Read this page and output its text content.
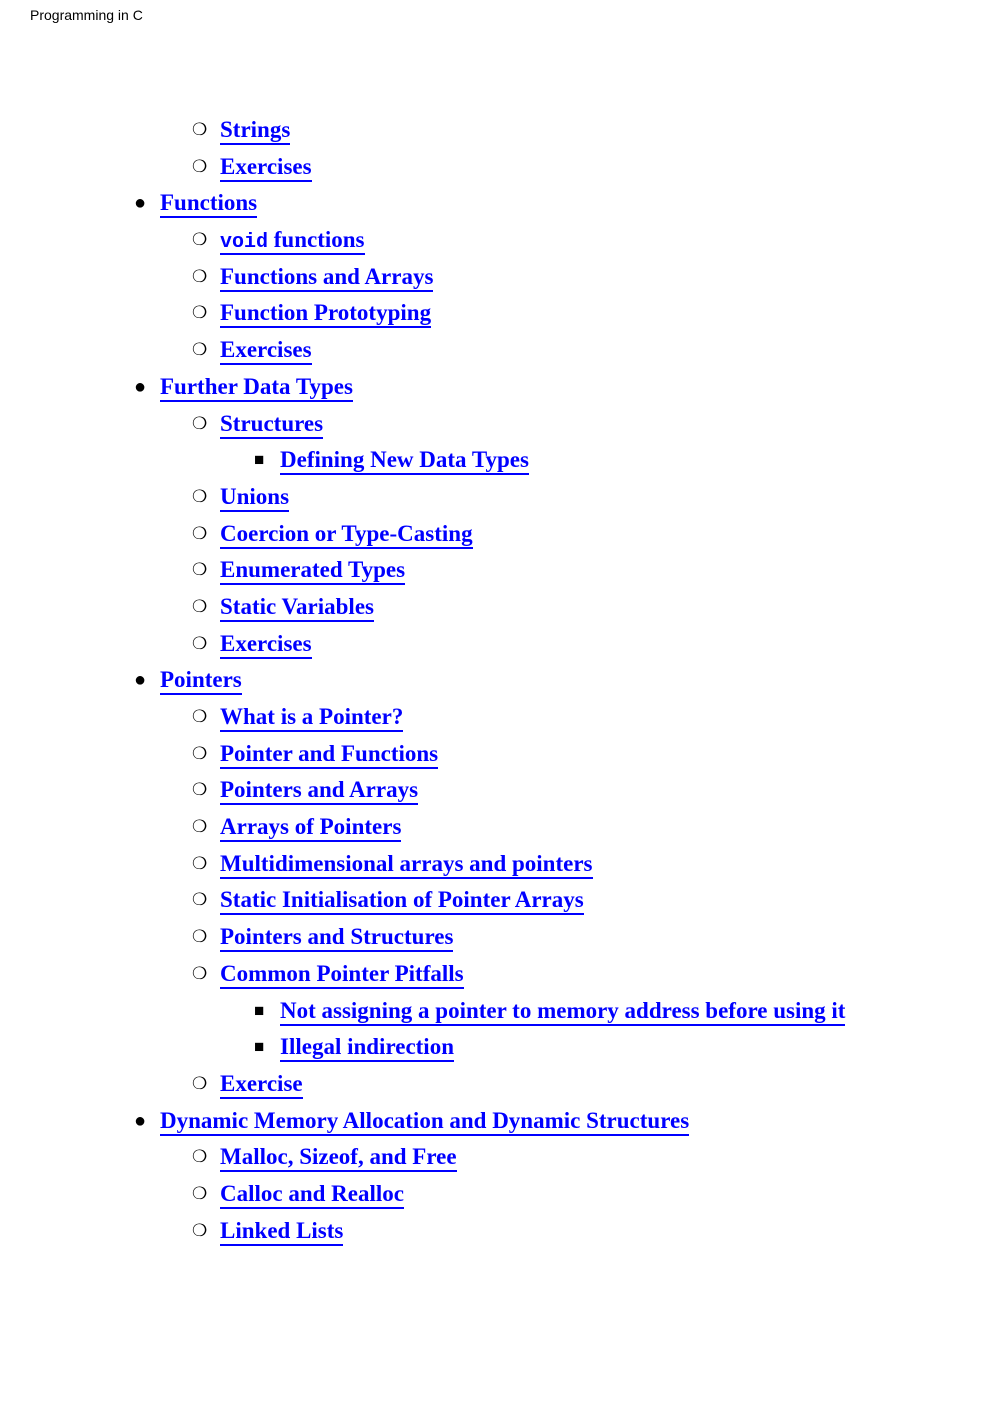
Programming in C
❍ Strings
❍ Exercises
● Functions
❍ void functions
❍ Functions and Arrays
❍ Function Prototyping
❍ Exercises
● Further Data Types
❍ Structures
■ Defining New Data Types
❍ Unions
❍ Coercion or Type-Casting
❍ Enumerated Types
❍ Static Variables
❍ Exercises
● Pointers
❍ What is a Pointer?
❍ Pointer and Functions
❍ Pointers and Arrays
❍ Arrays of Pointers
❍ Multidimensional arrays and pointers
❍ Static Initialisation of Pointer Arrays
❍ Pointers and Structures
❍ Common Pointer Pitfalls
■ Not assigning a pointer to memory address before using it
■ Illegal indirection
❍ Exercise
● Dynamic Memory Allocation and Dynamic Structures
❍ Malloc, Sizeof, and Free
❍ Calloc and Realloc
❍ Linked Lists
